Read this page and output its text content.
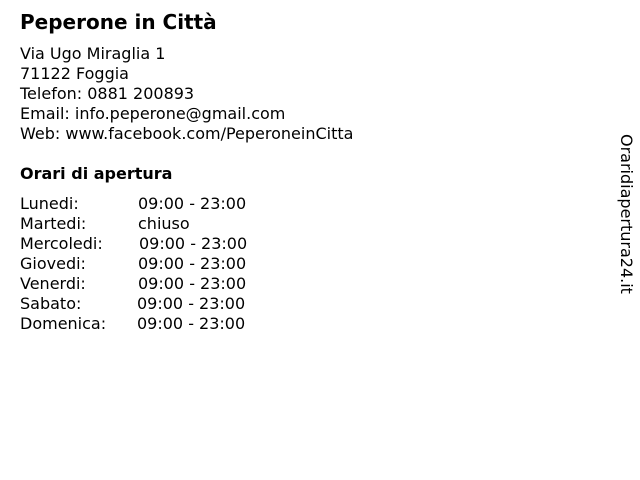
Peperone in Città
Via Ugo Miraglia 1
71122 Foggia
Telefon: 0881 200893
Email: info.peperone@gmail.com
Web: www.facebook.com/PeperoneinCitta
Orari di apertura
Lunedi:	09:00 - 23:00
Martedi:	chiuso
Mercoledi: 09:00 - 23:00
Giovedi:	09:00 - 23:00
Venerdi:	09:00 - 23:00
Sabato:	09:00 - 23:00
Domenica: 09:00 - 23:00
Oraridiapertura24.it
